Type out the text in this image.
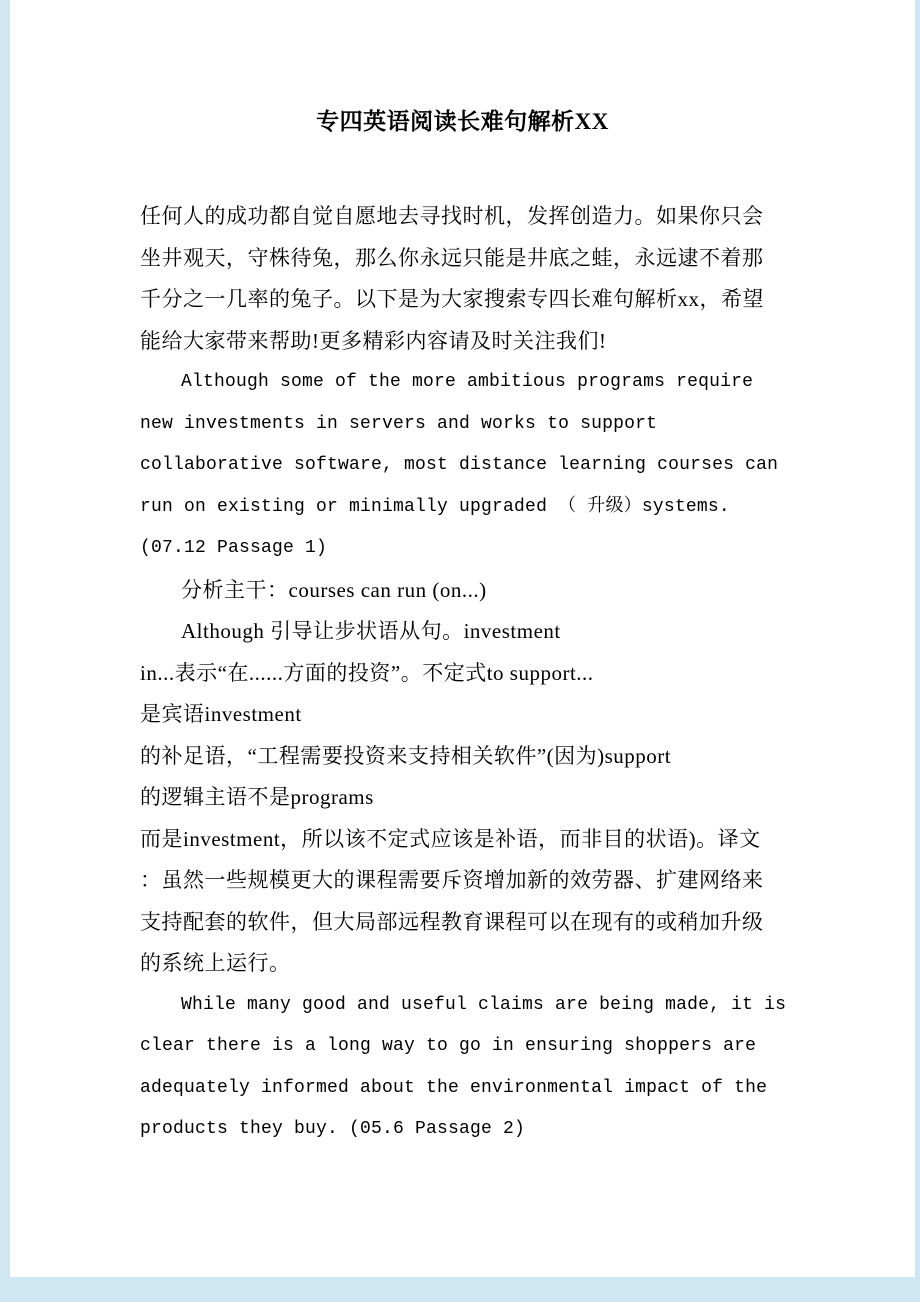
专四英语阅读长难句解析XX
任何人的成功都自觉自愿地去寻找时机，发挥创造力。如果你只会
坐井观天，守株待兔，那么你永远只能是井底之蛙，永远逮不着那
千分之一几率的兔子。以下是为大家搜索专四长难句解析xx，希望
能给大家带来帮助!更多精彩内容请及时关注我们!
Although some of the more ambitious programs require
new investments in servers and works to support
collaborative software, most distance learning courses can
run on existing or minimally upgraded （ 升级）systems.
(07.12 Passage 1)
分析主干：courses can run (on...)
Although 引导让步状语从句。investment
in...表示“在......方面的投资”。不定式to support...
是宾语investment
的补足语，“工程需要投资来支持相关软件”(因为)support
的逻辑主语不是programs
而是investment，所以该不定式应该是补语，而非目的状语)。译文
：虽然一些规模更大的课程需要斥资增加新的效劳器、扩建网络来
支持配套的软件，但大局部远程教育课程可以在现有的或稍加升级
的系统上运行。
While many good and useful claims are being made, it is
clear there is a long way to go in ensuring shoppers are
adequately informed about the environmental impact of the
products they buy. (05.6 Passage 2)
